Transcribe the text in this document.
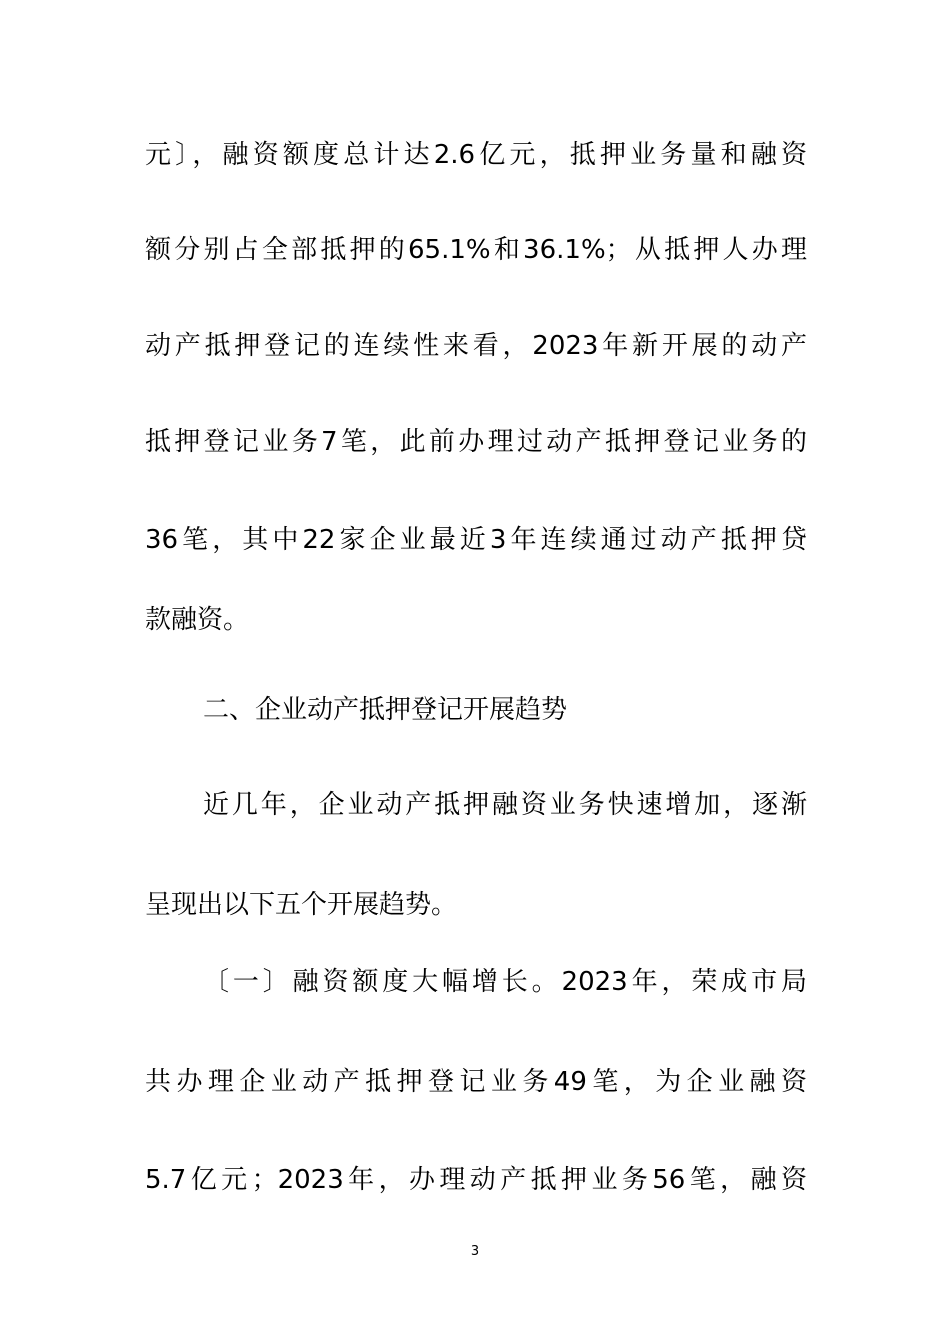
元〕，融资额度总计达2.6亿元，抵押业务量和融资
额分别占全部抵押的65.1%和36.1%；从抵押人办理
动产抵押登记的连续性来看，2023年新开展的动产
抵押登记业务7笔，此前办理过动产抵押登记业务的
36笔，其中22家企业最近3年连续通过动产抵押贷
款融资。
二、企业动产抵押登记开展趋势
近几年，企业动产抵押融资业务快速增加，逐渐
呈现出以下五个开展趋势。
〔一〕融资额度大幅增长。2023年，荣成市局
共办理企业动产抵押登记业务49笔，为企业融资
5.7亿元；2023年，办理动产抵押业务56笔，融资
3
